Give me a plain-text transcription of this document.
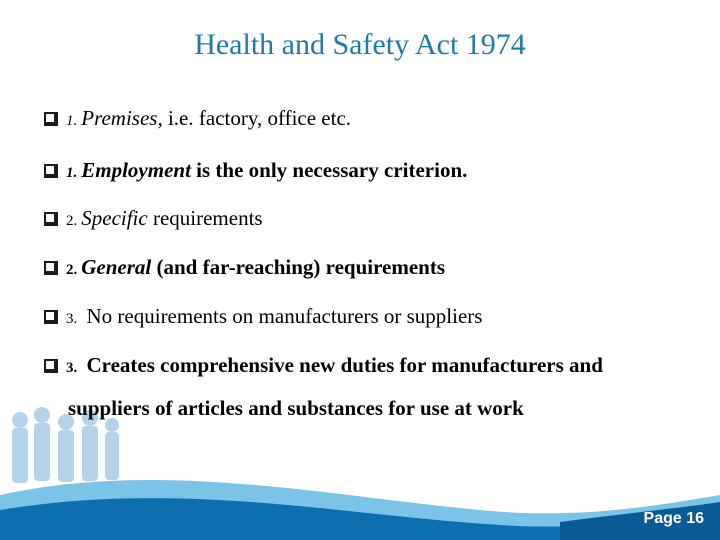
Health and Safety Act 1974
1. Premises, i.e. factory, office etc.
1. Employment is the only necessary criterion.
2. Specific requirements
2. General (and far-reaching) requirements
3. No requirements on manufacturers or suppliers
3. Creates comprehensive new duties for manufacturers and
suppliers of articles and substances for use at work
Page 16
